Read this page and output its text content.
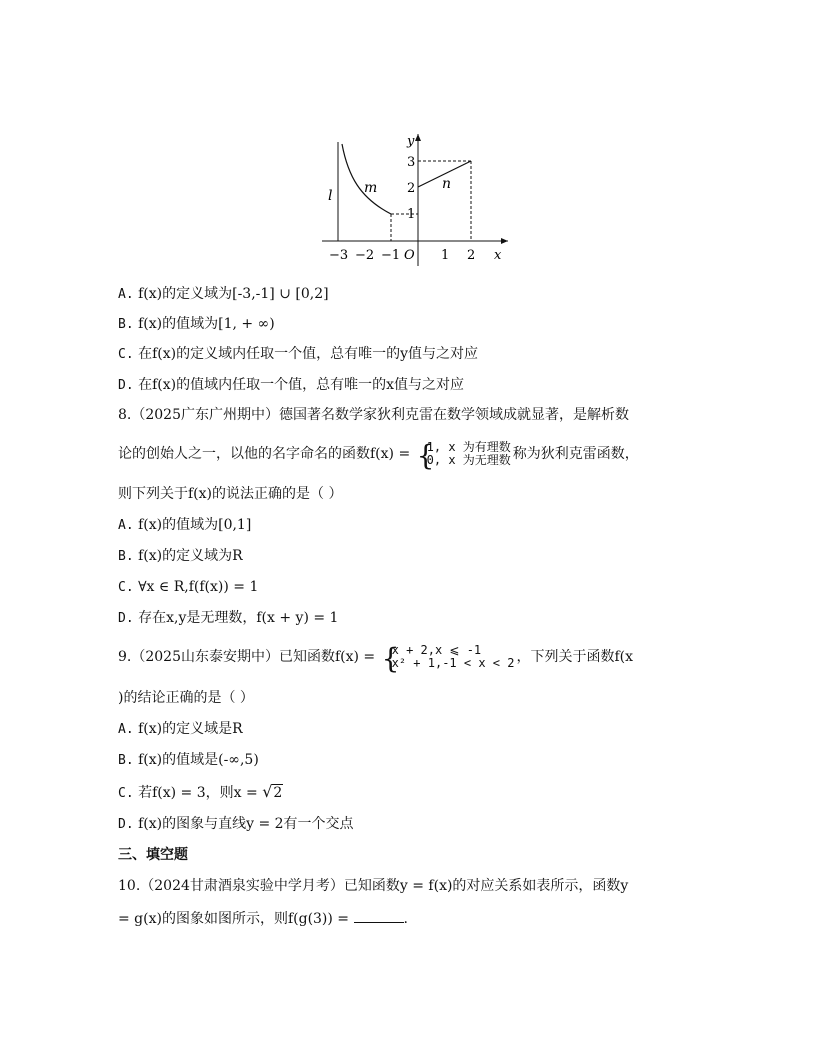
−3 −2 −1 O 1 2 x
y
1
2
3
l m	n
A. f(x)的定义域为[-3,-1] ∪ [0,2]
B. f(x)的值域为[1, + ∞)
C. 在f(x)的定义域内任取一个值，总有唯一的y值与之对应
D. 在f(x)的值域内任取一个值，总有唯一的x值与之对应
8.（2025广东广州期中）德国著名数学家狄利克雷在数学领域成就显著，是解析数
论的创始人之一，以他的名字命名的函数f(x) = {
1, x 为有理数
0, x 为无理数 称为狄利克雷函数，
则下列关于f(x)的说法正确的是（ ）
A. f(x)的值域为[0,1]
B. f(x)的定义域为R
C. ∀x ∈ R,f(f(x)) = 1
D. 存在x,y是无理数，f(x + y) = 1
9.（2025山东泰安期中）已知函数f(x) = {
x + 2,x ⩽ -1
x² + 1,-1 < x < 2 ，下列关于函数f(x
)的结论正确的是（ ）
A. f(x)的定义域是R
B. f(x)的值域是(-∞,5)
C. 若f(x) = 3，则x = √2
D. f(x)的图象与直线y = 2有一个交点
三、填空题
10.（2024甘肃酒泉实验中学月考）已知函数y = f(x)的对应关系如表所示，函数y
= g(x)的图象如图所示，则f(g(3)) =	.
